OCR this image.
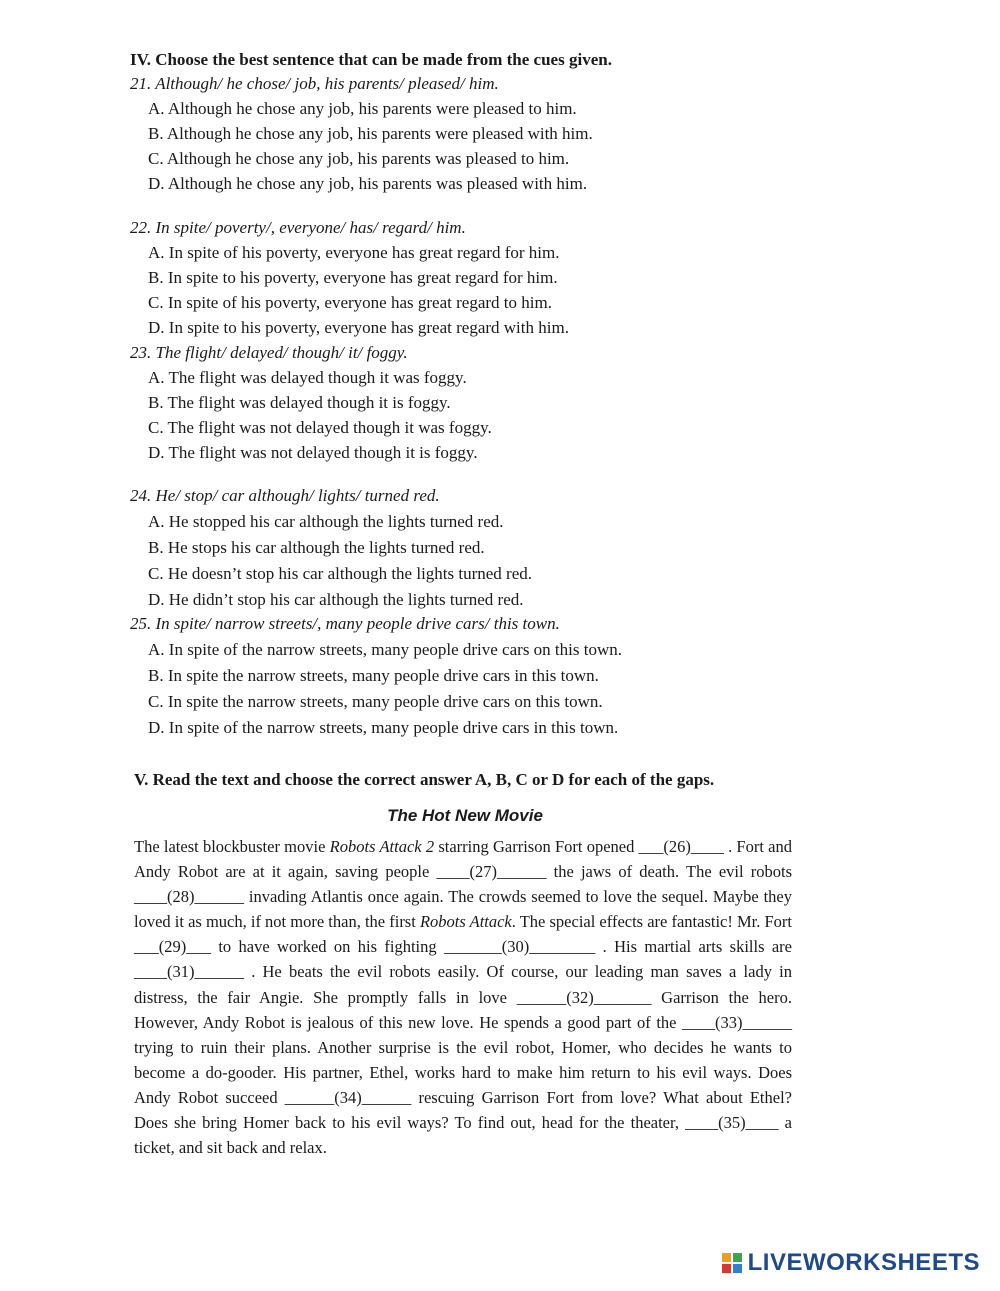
IV. Choose the best sentence that can be made from the cues given.
21. Although/ he chose/ job, his parents/ pleased/ him.
A. Although he chose any job, his parents were pleased to him.
B. Although he chose any job, his parents were pleased with him.
C. Although he chose any job, his parents was pleased to him.
D. Although he chose any job, his parents was pleased with him.
22. In spite/ poverty/, everyone/ has/ regard/ him.
A. In spite of his poverty, everyone has great regard for him.
B. In spite to his poverty, everyone has great regard for him.
C. In spite of his poverty, everyone has great regard to him.
D. In spite to his poverty, everyone has great regard with him.
23. The flight/ delayed/ though/ it/ foggy.
A. The flight was delayed though it was foggy.
B. The flight was delayed though it is foggy.
C. The flight was not delayed though it was foggy.
D. The flight was not delayed though it is foggy.
24. He/ stop/ car although/ lights/ turned red.
A. He stopped his car although the lights turned red.
B. He stops his car although the lights turned red.
C. He doesn’t stop his car although the lights turned red.
D. He didn’t stop his car although the lights turned red.
25. In spite/ narrow streets/, many people drive cars/ this town.
A. In spite of the narrow streets, many people drive cars on this town.
B. In spite the narrow streets, many people drive cars in this town.
C. In spite the narrow streets, many people drive cars on this town.
D. In spite of the narrow streets, many people drive cars in this town.
V. Read the text and choose the correct answer A, B, C or D for each of the gaps.
The Hot New Movie
The latest blockbuster movie Robots Attack 2 starring Garrison Fort opened ___(26)____ . Fort and Andy Robot are at it again, saving people ____(27)______ the jaws of death. The evil robots ____(28)______ invading Atlantis once again. The crowds seemed to love the sequel. Maybe they loved it as much, if not more than, the first Robots Attack. The special effects are fantastic! Mr. Fort ___(29)___ to have worked on his fighting _______(30)________ . His martial arts skills are ____(31)______ . He beats the evil robots easily. Of course, our leading man saves a lady in distress, the fair Angie. She promptly falls in love ______(32)_______ Garrison the hero. However, Andy Robot is jealous of this new love. He spends a good part of the ____(33)______ trying to ruin their plans. Another surprise is the evil robot, Homer, who decides he wants to become a do-gooder. His partner, Ethel, works hard to make him return to his evil ways. Does Andy Robot succeed ______(34)______ rescuing Garrison Fort from love? What about Ethel? Does she bring Homer back to his evil ways? To find out, head for the theater, ____(35)____ a ticket, and sit back and relax.
LIVEWORKSHEETS
